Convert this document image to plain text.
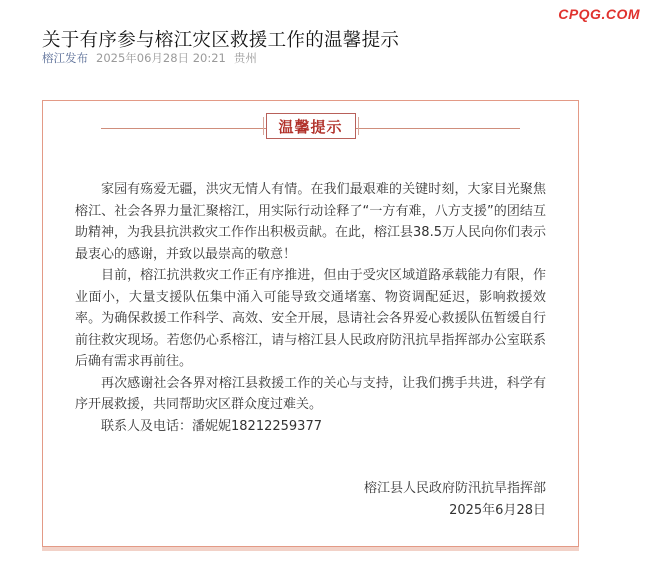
CPQG.COM
关于有序参与榕江灾区救援工作的温馨提示
榕江发布 2025年06月28日 20:21 贵州
温馨提示

家园有殇爱无疆，洪灾无情人有情。在我们最艰难的关键时刻，大家目光聚焦榕江、社会各界力量汇聚榕江，用实际行动诠释了“一方有难，八方支援”的团结互助精神，为我县抗洪救灾工作作出积极贡献。在此，榕江县38.5万人民向你们表示最衷心的感谢，并致以最崇高的敬意！

目前，榕江抗洪救灾工作正有序推进，但由于受灾区域道路承载能力有限，作业面小，大量支援队伍集中涌入可能导致交通堵塞、物资调配延迟，影响救援效率。为确保救援工作科学、高效、安全开展，恳请社会各界爱心救援队伍暂缓自行前往救灾现场。若您仍心系榕江，请与榕江县人民政府防汛抗旱指挥部办公室联系后确有需求再前往。

再次感谢社会各界对榕江县救援工作的关心与支持，让我们携手共进，科学有序开展救援，共同帮助灾区群众度过难关。

联系人及电话：潘妮妮18212259377

榕江县人民政府防汛抗旱指挥部
2025年6月28日
